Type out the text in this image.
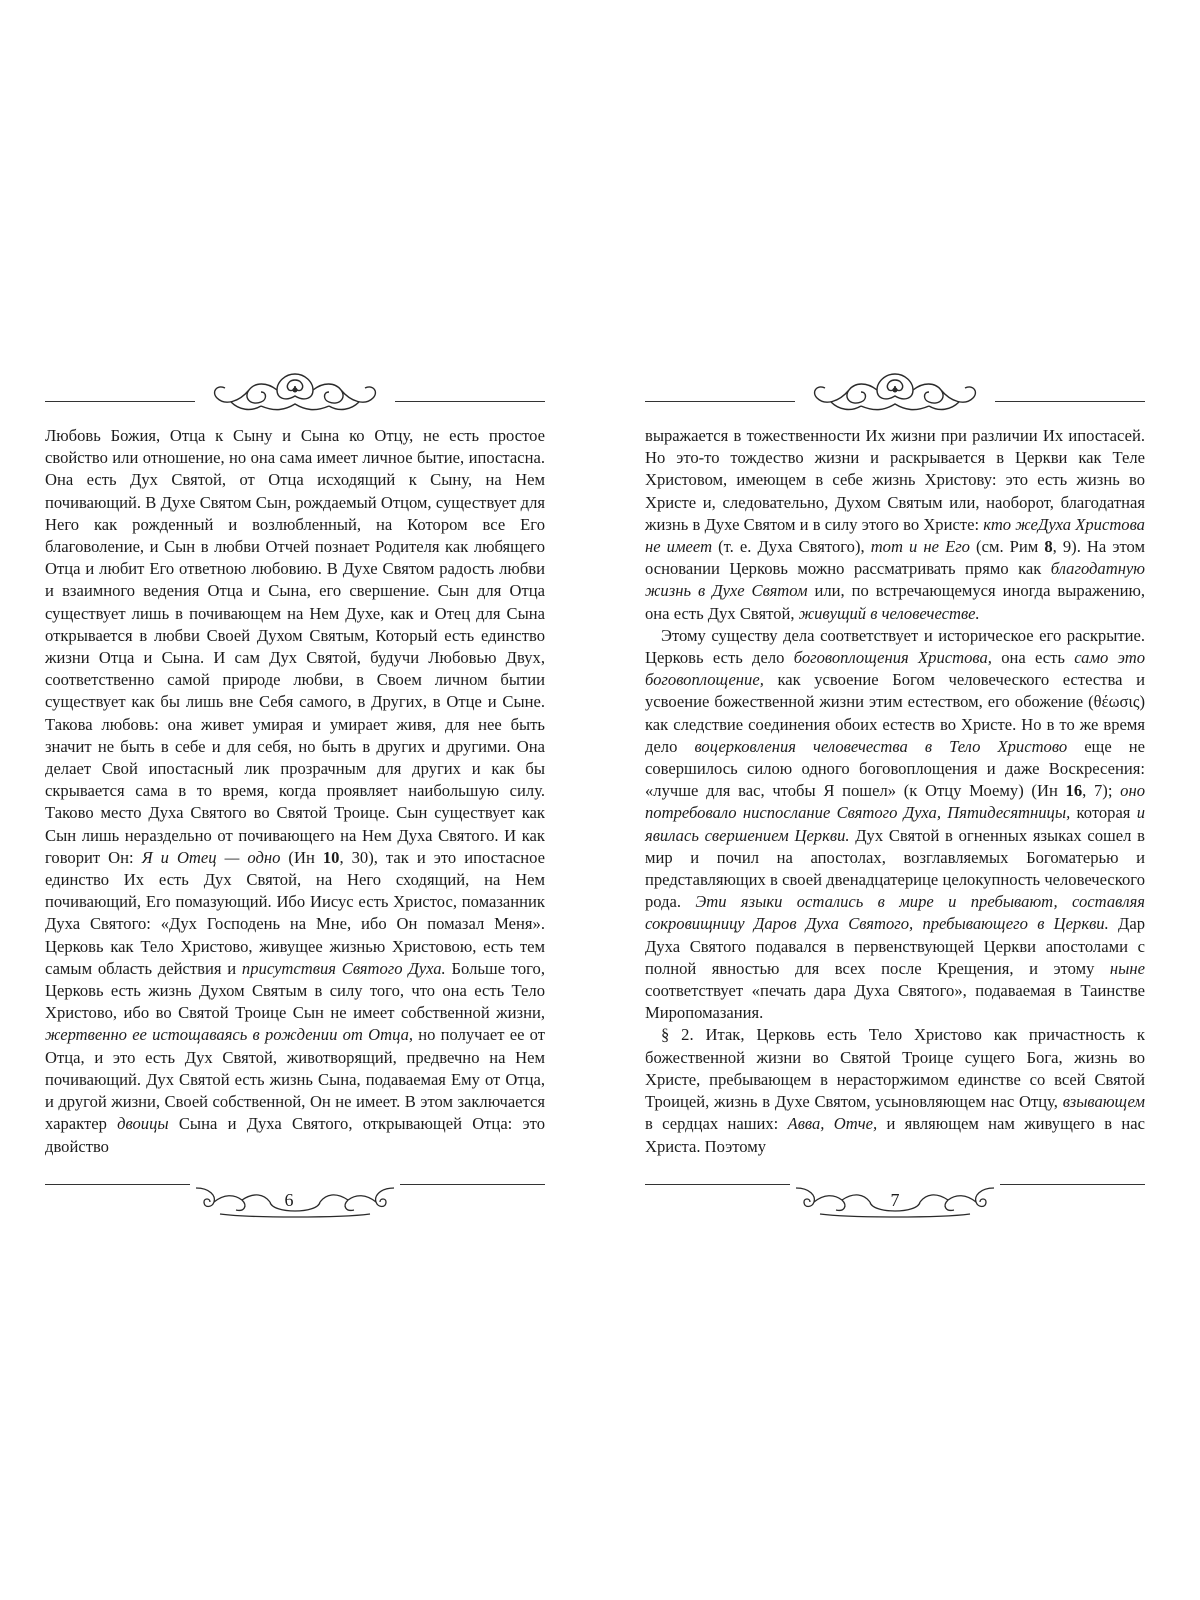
Любовь Божия, Отца к Сыну и Сына ко Отцу, не есть простое свойство или отношение, но она сама имеет личное бытие, ипостасна. Она есть Дух Святой, от Отца исходящий к Сыну, на Нем почивающий. В Духе Святом Сын, рождаемый Отцом, существует для Него как рожденный и возлюбленный, на Котором все Его благоволение, и Сын в любви Отчей познает Родителя как любящего Отца и любит Его ответною любовию. В Духе Святом радость любви и взаимного ведения Отца и Сына, его свершение. Сын для Отца существует лишь в почивающем на Нем Духе, как и Отец для Сына открывается в любви Своей Духом Святым, Который есть единство жизни Отца и Сына. И сам Дух Святой, будучи Любовью Двух, соответственно самой природе любви, в Своем личном бытии существует как бы лишь вне Себя самого, в Других, в Отце и Сыне. Такова любовь: она живет умирая и умирает живя, для нее быть значит не быть в себе и для себя, но быть в других и другими. Она делает Свой ипостасный лик прозрачным для других и как бы скрывается сама в то время, когда проявляет наибольшую силу. Таково место Духа Святого во Святой Троице. Сын существует как Сын лишь нераздельно от почивающего на Нем Духа Святого. И как говорит Он: Я и Отец — одно (Ин 10, 30), так и это ипостасное единство Их есть Дух Святой, на Него сходящий, на Нем почивающий, Его помазующий. Ибо Иисус есть Христос, помазанник Духа Святого: «Дух Господень на Мне, ибо Он помазал Меня». Церковь как Тело Христово, живущее жизнью Христовою, есть тем самым область действия и присутствия Святого Духа. Больше того, Церковь есть жизнь Духом Святым в силу того, что она есть Тело Христово, ибо во Святой Троице Сын не имеет собственной жизни, жертвенно ее истощаваясь в рождении от Отца, но получает ее от Отца, и это есть Дух Святой, животворящий, предвечно на Нем почивающий. Дух Святой есть жизнь Сына, подаваемая Ему от Отца, и другой жизни, Своей собственной, Он не имеет. В этом заключается характер двоицы Сына и Духа Святого, открывающей Отца: это двойство

6

выражается в тожественности Их жизни при различии Их ипостасей. Но это-то тождество жизни и раскрывается в Церкви как Теле Христовом, имеющем в себе жизнь Христову: это есть жизнь во Христе и, следовательно, Духом Святым или, наоборот, благодатная жизнь в Духе Святом и в силу этого во Христе: кто жеДуха Христова не имеет (т. е. Духа Святого), тот и не Его (см. Рим 8, 9). На этом основании Церковь можно рассматривать прямо как благодатную жизнь в Духе Святом или, по встречающемуся иногда выражению, она есть Дух Святой, живущий в человечестве.

Этому существу дела соответствует и историческое его раскрытие. Церковь есть дело боговоплощения Христова, она есть само это боговоплощение, как усвоение Богом человеческого естества и усвоение божественной жизни этим естеством, его обожение (θέωσις) как следствие соединения обоих естеств во Христе. Но в то же время дело воцерковления человечества в Тело Христово еще не совершилось силою одного боговоплощения и даже Воскресения: «лучше для вас, чтобы Я пошел» (к Отцу Моему) (Ин 16, 7); оно потребовало ниспослание Святого Духа, Пятидесятницы, которая и явилась свершением Церкви. Дух Святой в огненных языках сошел в мир и почил на апостолах, возглавляемых Богоматерью и представляющих в своей двенадцатерице целокупность человеческого рода. Эти языки остались в мире и пребывают, составляя сокровищницу Даров Духа Святого, пребывающего в Церкви. Дар Духа Святого подавался в первенствующей Церкви апостолами с полной явностью для всех после Крещения, и этому ныне соответствует «печать дара Духа Святого», подаваемая в Таинстве Миропомазания.

§ 2. Итак, Церковь есть Тело Христово как причастность к божественной жизни во Святой Троице сущего Бога, жизнь во Христе, пребывающем в нерасторжимом единстве со всей Святой Троицей, жизнь в Духе Святом, усыновляющем нас Отцу, взывающем в сердцах наших: Авва, Отче, и являющем нам живущего в нас Христа. Поэтому

7
